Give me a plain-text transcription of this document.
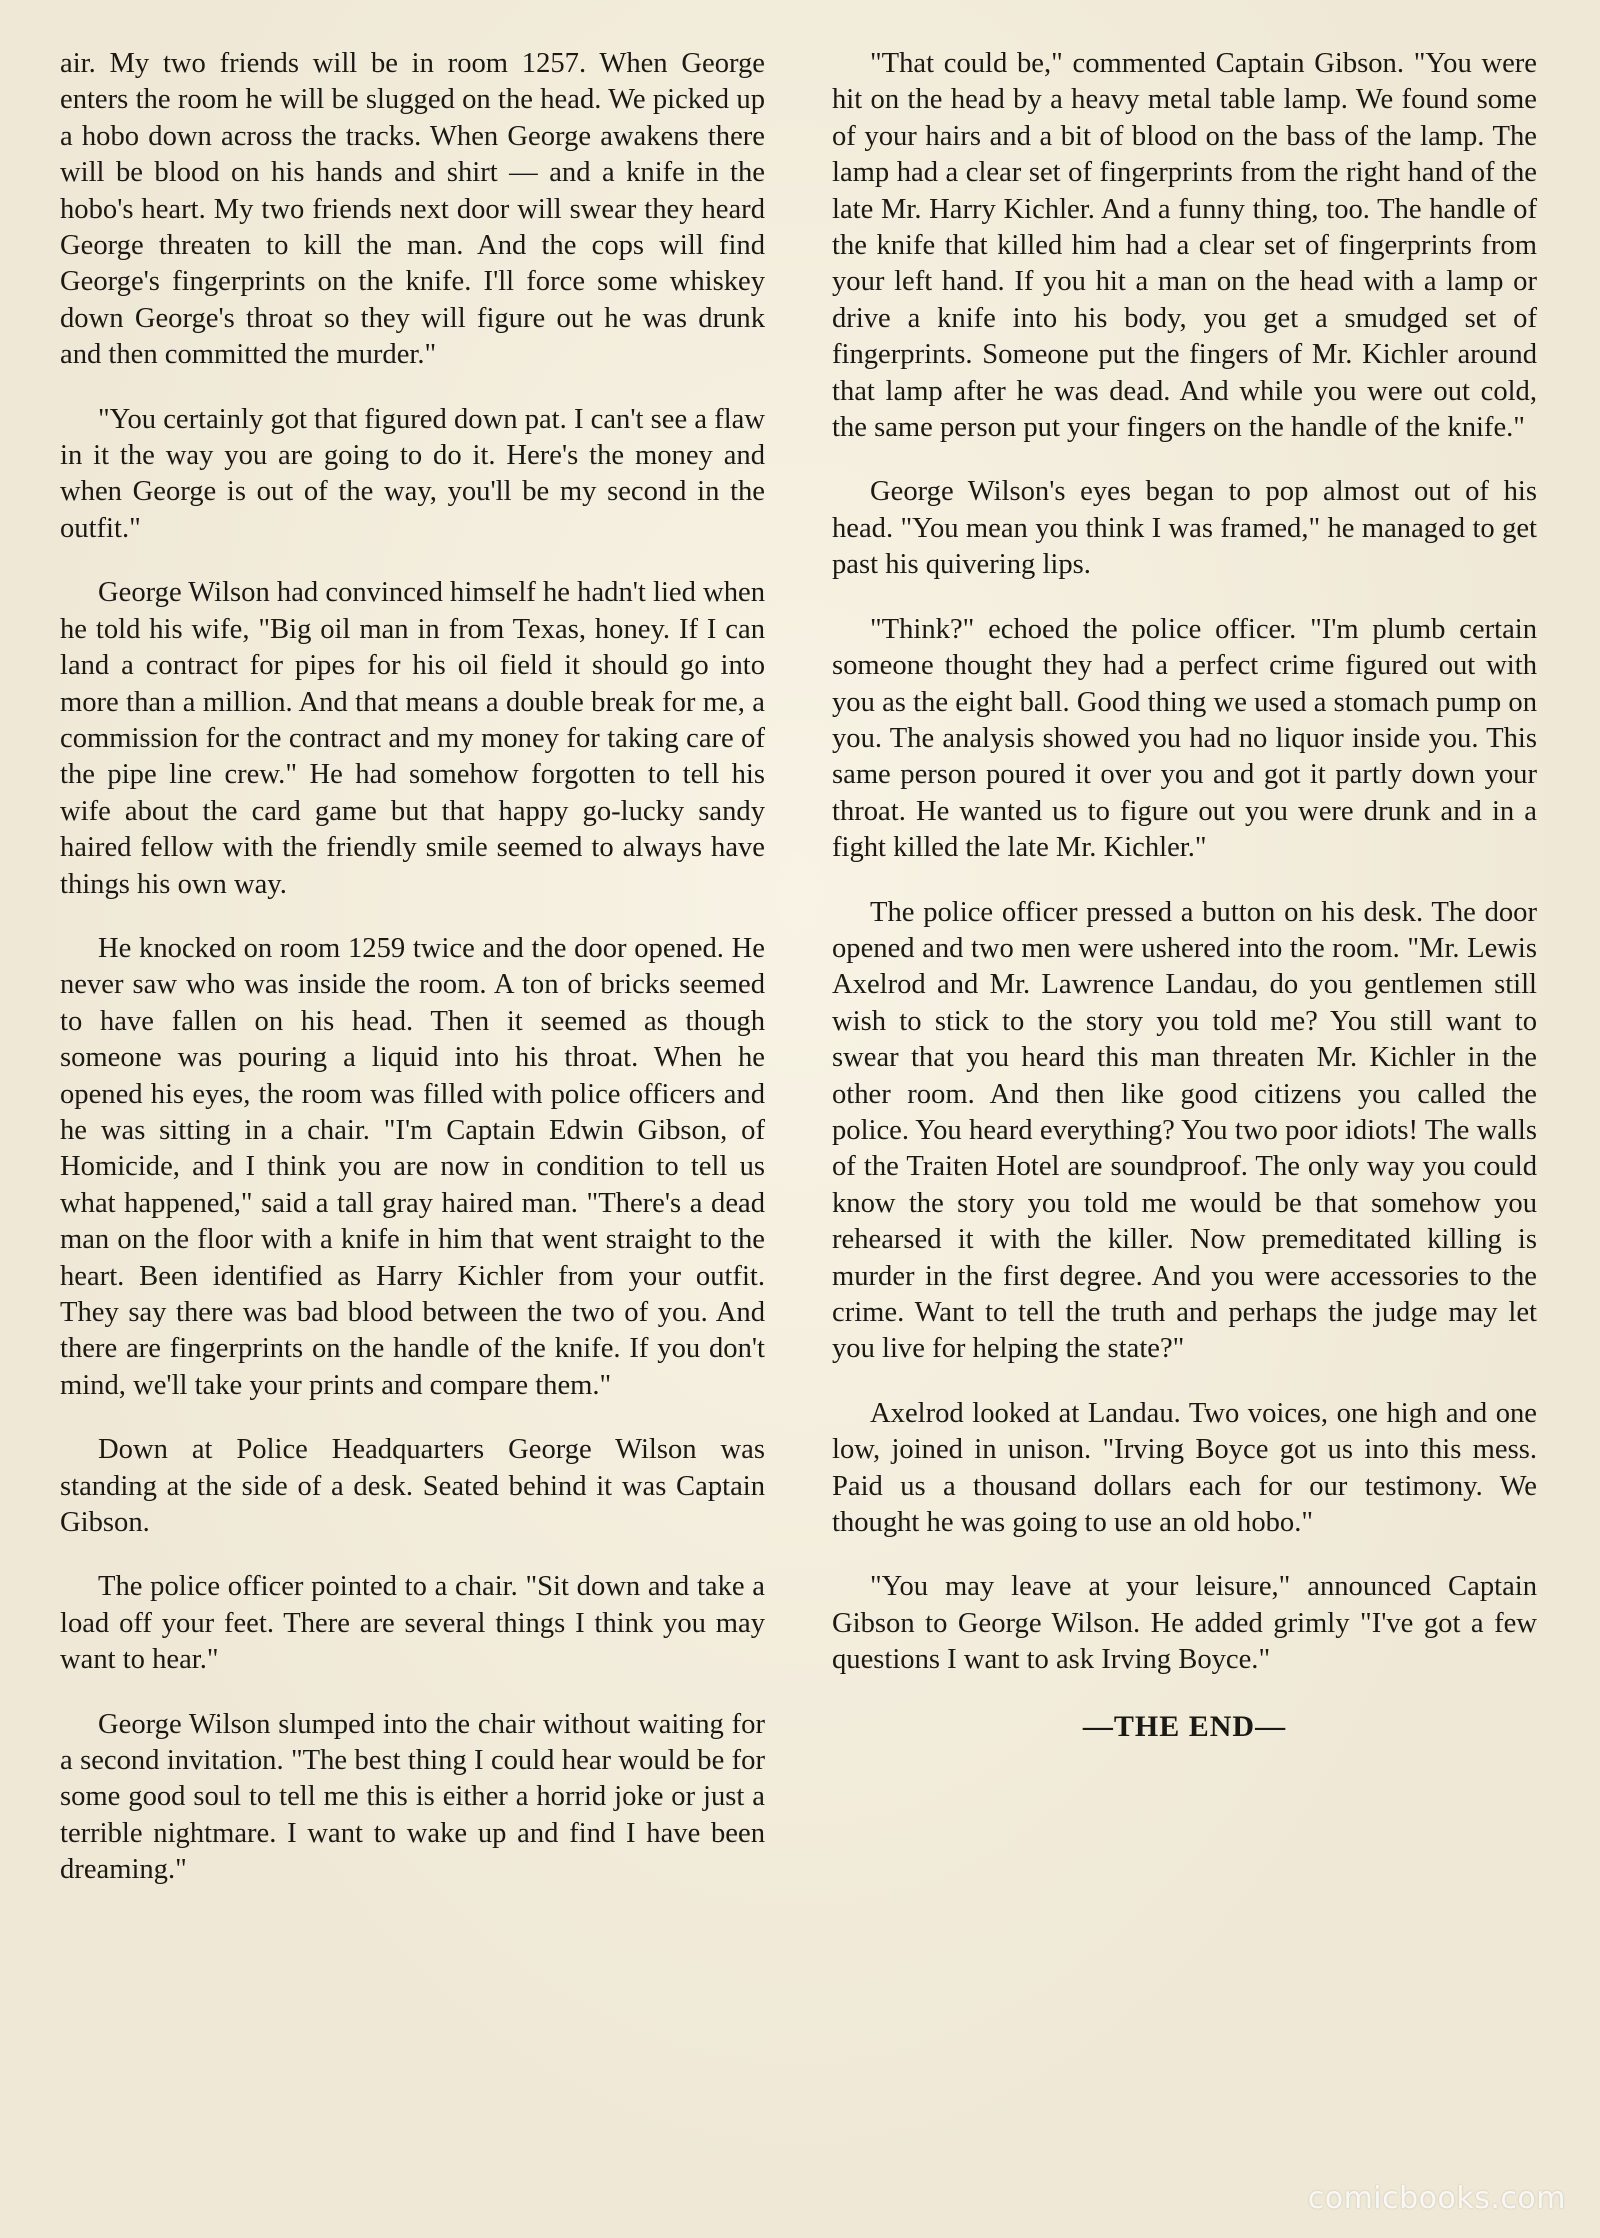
air. My two friends will be in room 1257. When George enters the room he will be slugged on the head. We picked up a hobo down across the tracks. When George awakens there will be blood on his hands and shirt — and a knife in the hobo's heart. My two friends next door will swear they heard George threaten to kill the man. And the cops will find George's fingerprints on the knife. I'll force some whiskey down George's throat so they will figure out he was drunk and then committed the murder."

"You certainly got that figured down pat. I can't see a flaw in it the way you are going to do it. Here's the money and when George is out of the way, you'll be my second in the outfit."

George Wilson had convinced himself he hadn't lied when he told his wife, "Big oil man in from Texas, honey. If I can land a contract for pipes for his oil field it should go into more than a million. And that means a double break for me, a commission for the contract and my money for taking care of the pipe line crew." He had somehow forgotten to tell his wife about the card game but that happy go-lucky sandy haired fellow with the friendly smile seemed to always have things his own way.

He knocked on room 1259 twice and the door opened. He never saw who was inside the room. A ton of bricks seemed to have fallen on his head. Then it seemed as though someone was pouring a liquid into his throat. When he opened his eyes, the room was filled with police officers and he was sitting in a chair. "I'm Captain Edwin Gibson, of Homicide, and I think you are now in condition to tell us what happened," said a tall gray haired man. "There's a dead man on the floor with a knife in him that went straight to the heart. Been identified as Harry Kichler from your outfit. They say there was bad blood between the two of you. And there are fingerprints on the handle of the knife. If you don't mind, we'll take your prints and compare them."

Down at Police Headquarters George Wilson was standing at the side of a desk. Seated behind it was Captain Gibson.

The police officer pointed to a chair. "Sit down and take a load off your feet. There are several things I think you may want to hear."

George Wilson slumped into the chair without waiting for a second invitation. "The best thing I could hear would be for some good soul to tell me this is either a horrid joke or just a terrible nightmare. I want to wake up and find I have been dreaming."

"That could be," commented Captain Gibson. "You were hit on the head by a heavy metal table lamp. We found some of your hairs and a bit of blood on the bass of the lamp. The lamp had a clear set of fingerprints from the right hand of the late Mr. Harry Kichler. And a funny thing, too. The handle of the knife that killed him had a clear set of fingerprints from your left hand. If you hit a man on the head with a lamp or drive a knife into his body, you get a smudged set of fingerprints. Someone put the fingers of Mr. Kichler around that lamp after he was dead. And while you were out cold, the same person put your fingers on the handle of the knife."

George Wilson's eyes began to pop almost out of his head. "You mean you think I was framed," he managed to get past his quivering lips.

"Think?" echoed the police officer. "I'm plumb certain someone thought they had a perfect crime figured out with you as the eight ball. Good thing we used a stomach pump on you. The analysis showed you had no liquor inside you. This same person poured it over you and got it partly down your throat. He wanted us to figure out you were drunk and in a fight killed the late Mr. Kichler."

The police officer pressed a button on his desk. The door opened and two men were ushered into the room. "Mr. Lewis Axelrod and Mr. Lawrence Landau, do you gentlemen still wish to stick to the story you told me? You still want to swear that you heard this man threaten Mr. Kichler in the other room. And then like good citizens you called the police. You heard everything? You two poor idiots! The walls of the Traiten Hotel are soundproof. The only way you could know the story you told me would be that somehow you rehearsed it with the killer. Now premeditated killing is murder in the first degree. And you were accessories to the crime. Want to tell the truth and perhaps the judge may let you live for helping the state?"

Axelrod looked at Landau. Two voices, one high and one low, joined in unison. "Irving Boyce got us into this mess. Paid us a thousand dollars each for our testimony. We thought he was going to use an old hobo."

"You may leave at your leisure," announced Captain Gibson to George Wilson. He added grimly "I've got a few questions I want to ask Irving Boyce."

—THE END—
comicbooks.com
